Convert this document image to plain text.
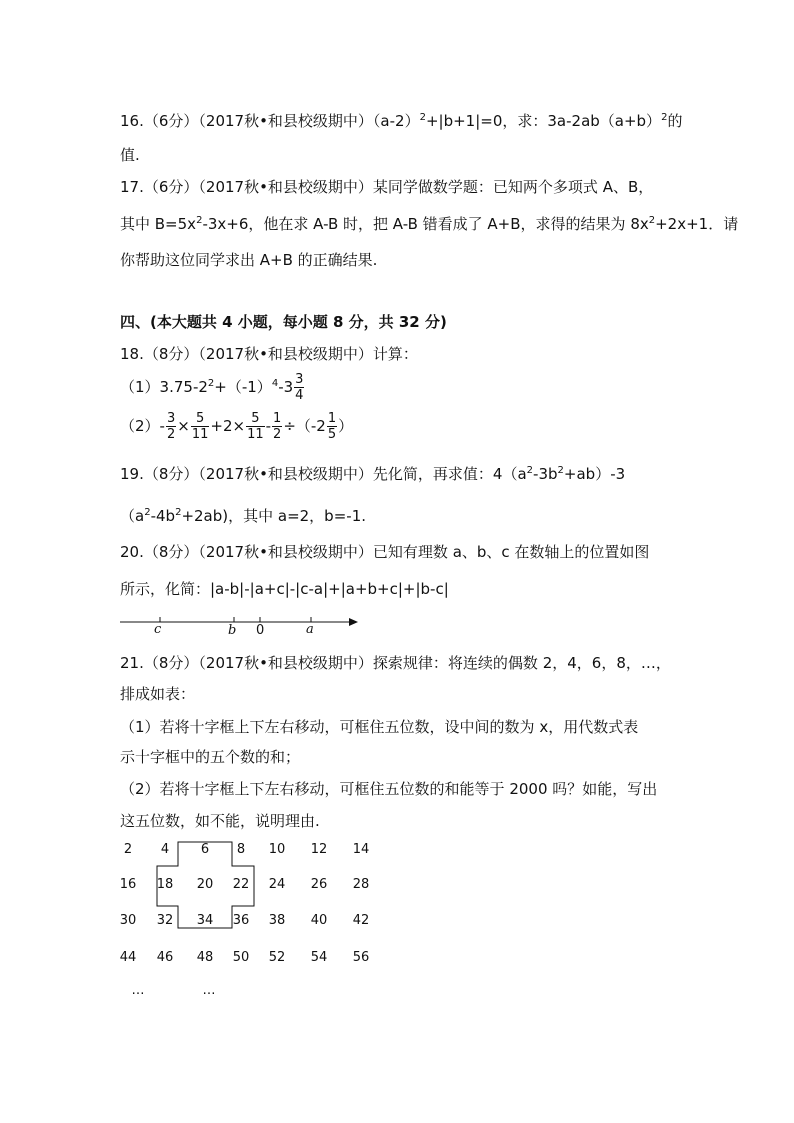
16.（6分）（2017秋•和县校级期中）$(a-2)^2+|b+1|=0$，求：$3a-2ab(a+b)^2$的
值.
17.（6分）（2017秋•和县校级期中）某同学做数学题：已知两个多项式 A、B，
其中 $B=5x^2-3x+6$，他在求 A-B 时，把 A-B 错看成了 A+B，求得的结果为 $8x^2+2x+1$．请
你帮助这位同学求出 A+B 的正确结果.
四、(本大题共 4 小题，每小题 8 分，共 32 分)
18.（8分）（2017秋•和县校级期中）计算：
$(1)3.75-2^2+(-1)^4-3 \frac{3}{4}$
$(2)- \frac{3}{2} \times \frac{5}{11} +2\times \frac{5}{11} - \frac{1}{2} \div(-2 \frac{1}{5}$ ）
19.（8分）（2017秋•和县校级期中）先化简，再求值：$4(a^2-3b^2+ab)-3$
$(a^2-4b^2+2ab)$，其中 a=2，b=-1.
20.（8分）（2017秋•和县校级期中）已知有理数 a、b、c 在数轴上的位置如图
所示，化简：|a-b|-|a+c|-|c-a|+|a+b+c|+|b-c|
c	b 0	a
21.（8分）（2017秋•和县校级期中）探索规律：将连续的偶数 2，4，6，8，…，
排成如表：
（1）若将十字框上下左右移动，可框住五位数，设中间的数为 x，用代数式表
示十字框中的五个数的和；
（2）若将十字框上下左右移动，可框住五位数的和能等于 2000 吗？如能，写出
这五位数，如不能，说明理由.
2 4 6 8 10 12 14
16 18 20 22 24 26 28
30 32 34 36 38 40 42
44 46 48 50 52 54 56
…	…
